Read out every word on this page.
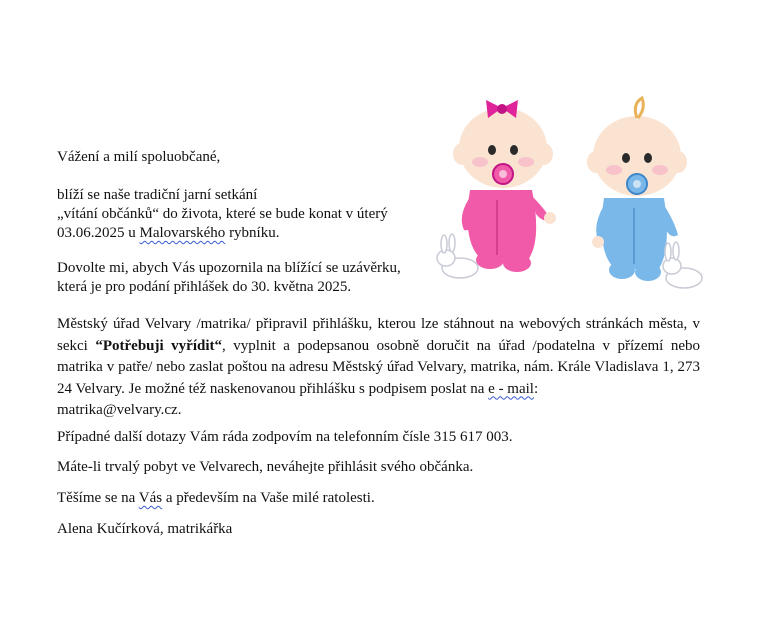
Vážení a milí spoluobčané,

blíží se naše tradiční jarní setkání
„vítání občánků“ do života, které se bude konat v úterý
03.06.2025 u Malovarského rybníku.

Dovolte mi, abych Vás upozornila na blížící se uzávěrku,
která je pro podání přihlášek do 30. května 2025.

Městský úřad Velvary /matrika/ připravil přihlášku, kterou lze stáhnout na webových stránkách města, v sekci “Potřebuji vyřídit“, vyplnit a podepsanou osobně doručit na úřad /podatelna v přízemí nebo matrika v patře/ nebo zaslat poštou na adresu Městský úřad Velvary, matrika, nám. Krále Vladislava 1, 273 24 Velvary. Je možné též naskenovanou přihlášku s podpisem poslat na e - mail:
matrika@velvary.cz.

Případné další dotazy Vám ráda zodpovím na telefonním čísle 315 617 003.

Máte-li trvalý pobyt ve Velvarech, neváhejte přihlásit svého občánka.

Těšíme se na Vás a především na Vaše milé ratolesti.

Alena Kučírková, matrikářka
